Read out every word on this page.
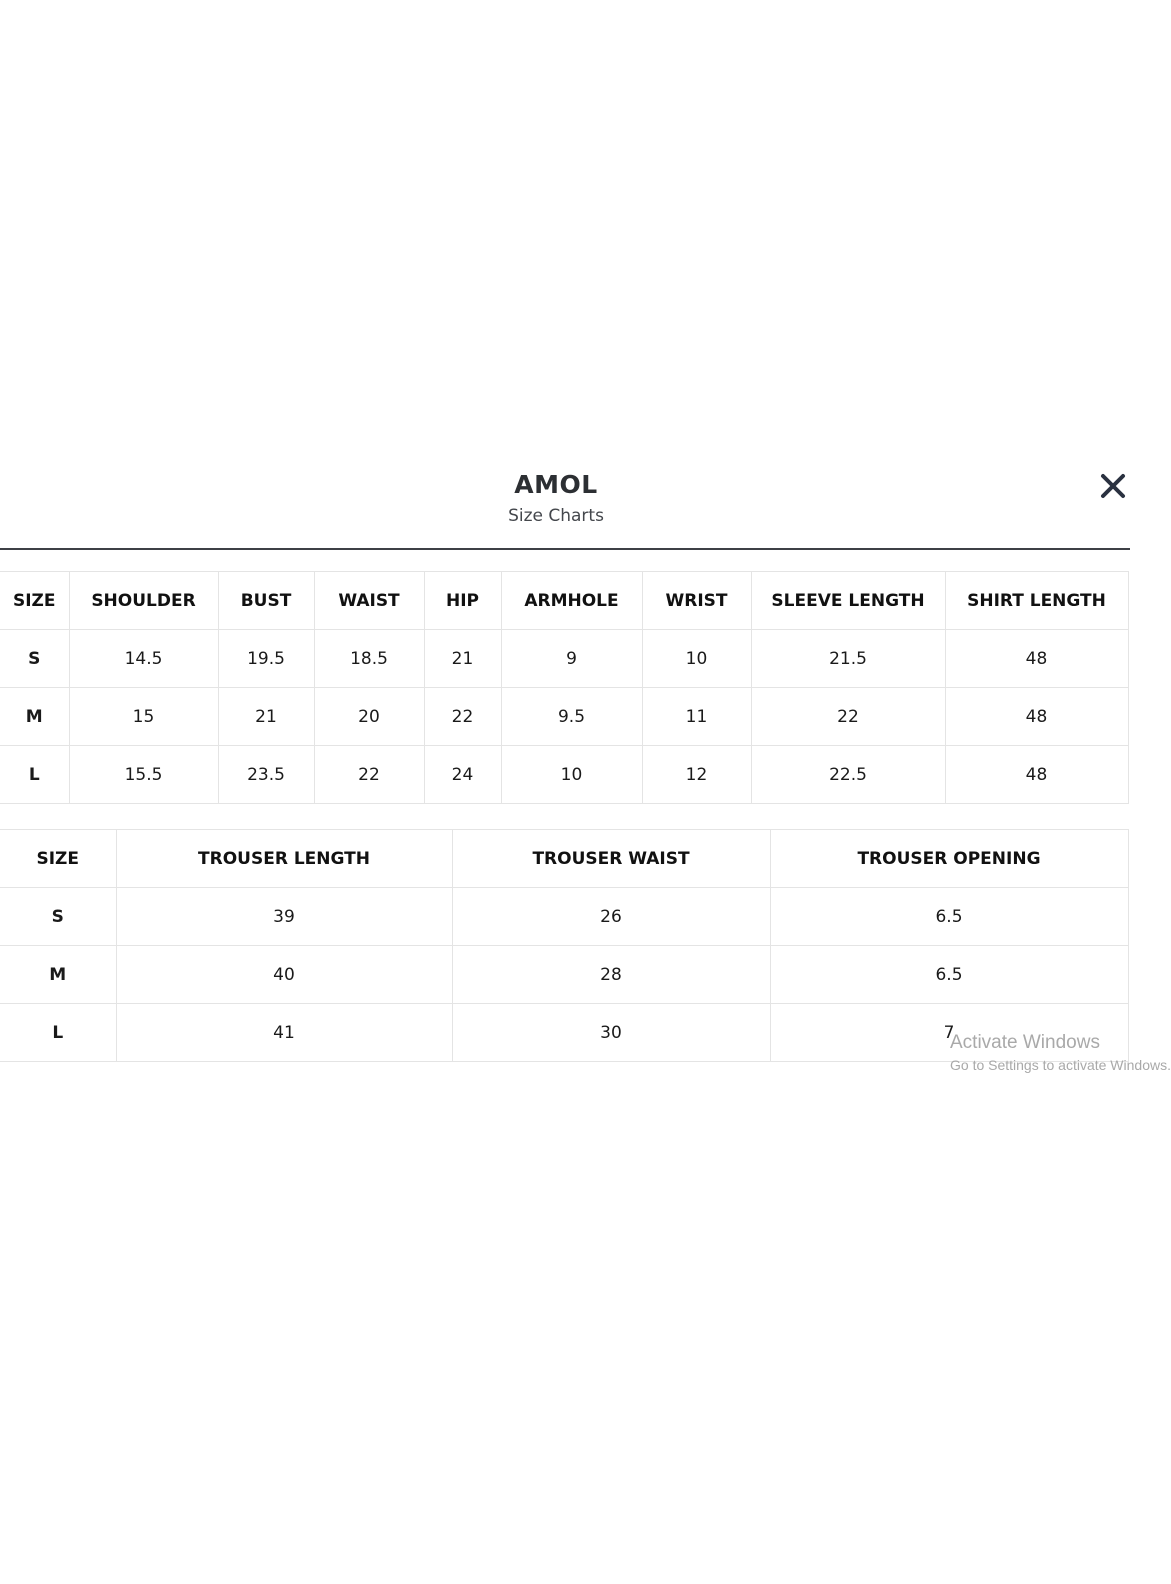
AMOL
Size Charts
SIZE	SHOULDER	BUST	WAIST	HIP	ARMHOLE	WRIST	SLEEVE LENGTH	SHIRT LENGTH
S	14.5	19.5	18.5	21	9	10	21.5	48
M	15	21	20	22	9.5	11	22	48
L	15.5	23.5	22	24	10	12	22.5	48
SIZE	TROUSER LENGTH	TROUSER WAIST	TROUSER OPENING
S	39	26	6.5
M	40	28	6.5
L	41	30	7
Activate Windows
Go to Settings to activate Windows.
